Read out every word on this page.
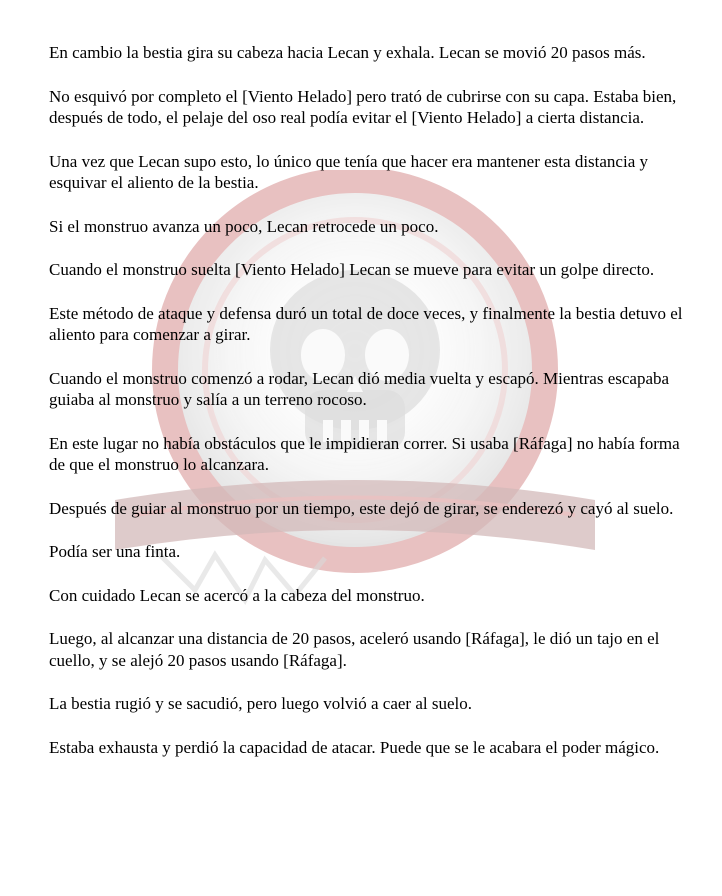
En cambio la bestia gira su cabeza hacia Lecan y exhala. Lecan se movió 20 pasos más.

No esquivó por completo el [Viento Helado] pero trató de cubrirse con su capa. Estaba bien, después de todo, el pelaje del oso real podía evitar el [Viento Helado] a cierta distancia.

Una vez que Lecan supo esto, lo único que tenía que hacer era mantener esta distancia y esquivar el aliento de la bestia.

Si el monstruo avanza un poco, Lecan retrocede un poco.

Cuando el monstruo suelta [Viento Helado] Lecan se mueve para evitar un golpe directo.

Este método de ataque y defensa duró un total de doce veces, y finalmente la bestia detuvo el aliento para comenzar a girar.

Cuando el monstruo comenzó a rodar, Lecan dió media vuelta y escapó. Mientras escapaba guiaba al monstruo y salía a un terreno rocoso.

En este lugar no había obstáculos que le impidieran correr. Si usaba [Ráfaga] no había forma de que el monstruo lo alcanzara.

Después de guiar al monstruo por un tiempo, este dejó de girar, se enderezó y cayó al suelo.

Podía ser una finta.

Con cuidado Lecan se acercó a la cabeza del monstruo.

Luego, al alcanzar una distancia de 20 pasos, aceleró usando [Ráfaga], le dió un tajo en el cuello, y se alejó 20 pasos usando [Ráfaga].

La bestia rugió y se sacudió, pero luego volvió a caer al suelo.

Estaba exhausta y perdió la capacidad de atacar. Puede que se le acabara el poder mágico.
